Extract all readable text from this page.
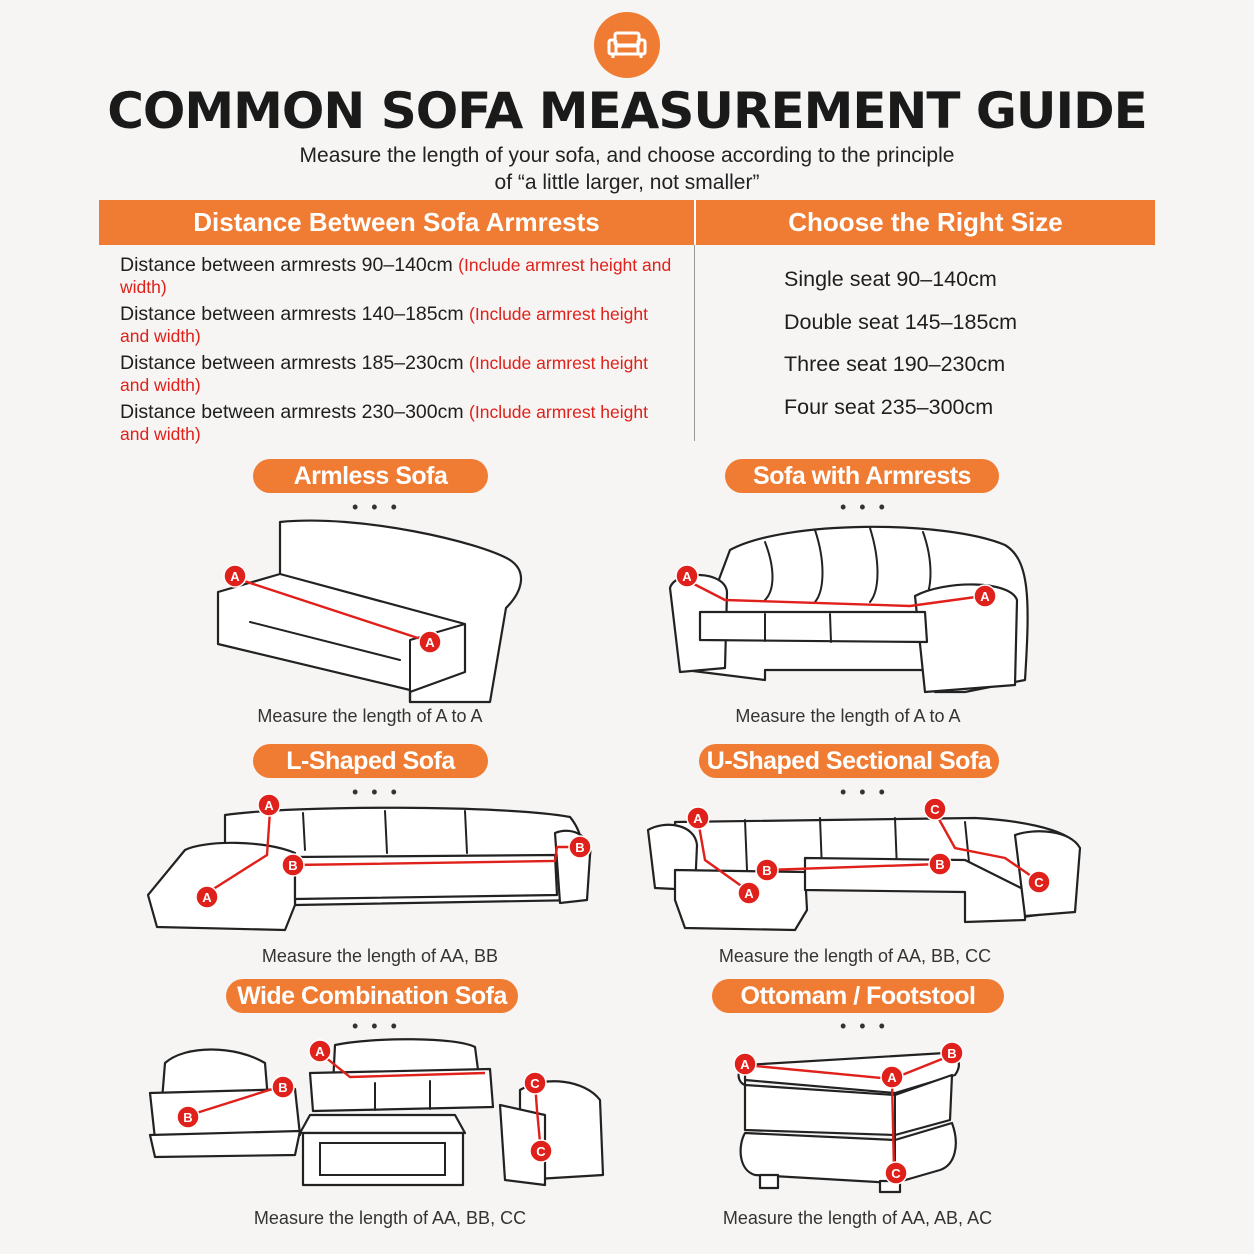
COMMON SOFA MEASUREMENT GUIDE
Measure the length of your sofa, and choose according to the principle
of “a little larger, not smaller”
Distance Between Sofa Armrests	Choose the Right Size
Distance between armrests 90–140cm (Include armrest height and width)
Distance between armrests 140–185cm (Include armrest height and width)
Distance between armrests 185–230cm (Include armrest height and width)
Distance between armrests 230–300cm (Include armrest height and width)
Single seat 90–140cm
Double seat 145–185cm
Three seat 190–230cm
Four seat 235–300cm
Armless Sofa
• • •
A
A
Measure the length of A to A
Sofa with Armrests
• • •
A
A
Measure the length of A to A
L-Shaped Sofa
• • •
A
A
B
B
Measure the length of AA, BB
U-Shaped Sectional Sofa
• • •
A
A
B	B
C
C
Measure the length of AA, BB, CC
Wide Combination Sofa
• • •
A
B
B
C
C
Measure the length of AA, BB, CC
Ottomam / Footstool
• • •
A
A
B
C
Measure the length of AA, AB, AC
